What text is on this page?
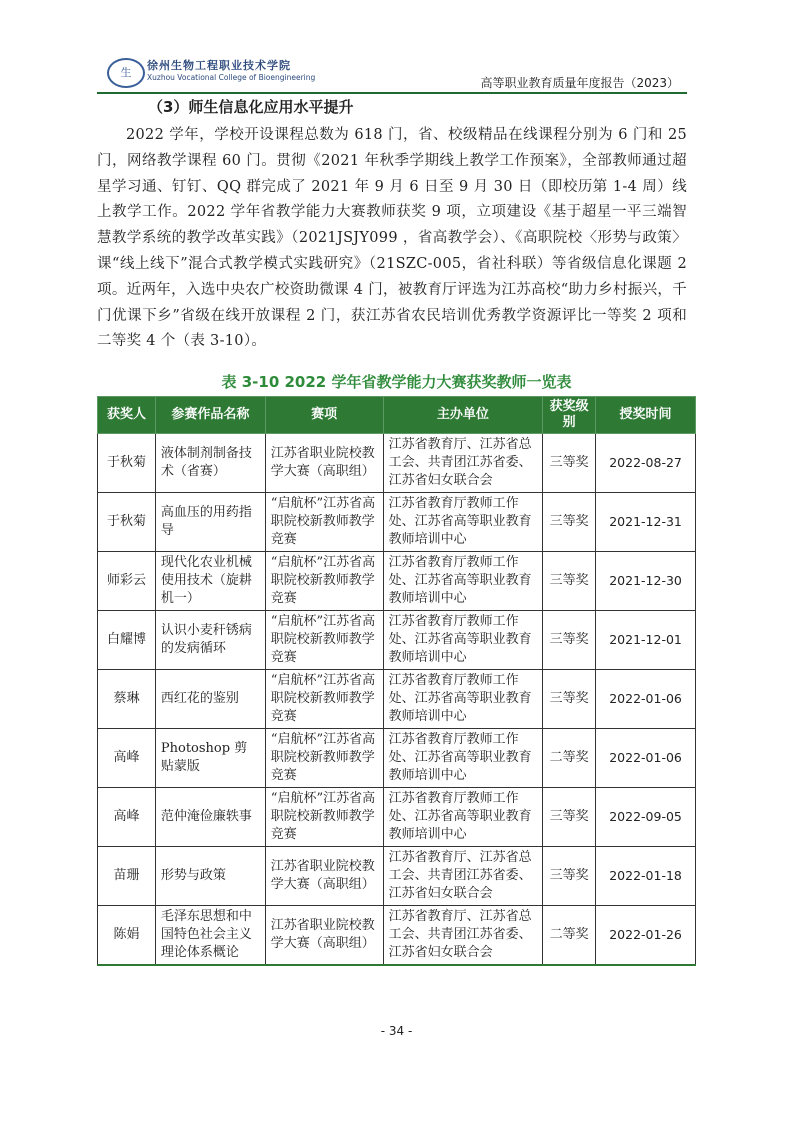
生
徐州生物工程职业技术学院
Xuzhou Vocational College of Bioengineering	高等职业教育质量年度报告（2023）
（3）师生信息化应用水平提升
2022 学年，学校开设课程总数为 618 门，省、校级精品在线课程分别为 6 门和 25 门，网络教学课程 60 门。贯彻《2021 年秋季学期线上教学工作预案》，全部教师通过超星学习通、钉钉、QQ 群完成了 2021 年 9 月 6 日至 9 月 30 日（即校历第 1-4 周）线上教学工作。2022 学年省教学能力大赛教师获奖 9 项，立项建设《基于超星一平三端智慧教学系统的教学改革实践》（2021JSJY099 ，省高教学会）、《高职院校〈形势与政策〉课“线上线下”混合式教学模式实践研究》（21SZC-005，省社科联）等省级信息化课题 2 项。近两年，入选中央农广校资助微课 4 门，被教育厅评选为江苏高校“助力乡村振兴，千门优课下乡”省级在线开放课程 2 门，获江苏省农民培训优秀教学资源评比一等奖 2 项和二等奖 4 个（表 3-10）。
表 3-10 2022 学年省教学能力大赛获奖教师一览表
获奖人	参赛作品名称	赛项	主办单位	获奖级别	授奖时间
于秋菊	液体制剂制备技术（省赛）	江苏省职业院校教学大赛（高职组）	江苏省教育厅、江苏省总工会、共青团江苏省委、江苏省妇女联合会	三等奖	2022-08-27
于秋菊	高血压的用药指导	“启航杯”江苏省高职院校新教师教学竞赛	江苏省教育厅教师工作处、江苏省高等职业教育教师培训中心	三等奖	2021-12-31
师彩云	现代化农业机械使用技术（旋耕机一）	“启航杯”江苏省高职院校新教师教学竞赛	江苏省教育厅教师工作处、江苏省高等职业教育教师培训中心	三等奖	2021-12-30
白耀博	认识小麦秆锈病的发病循环	“启航杯”江苏省高职院校新教师教学竞赛	江苏省教育厅教师工作处、江苏省高等职业教育教师培训中心	三等奖	2021-12-01
蔡琳	西红花的鉴别	“启航杯”江苏省高职院校新教师教学竞赛	江苏省教育厅教师工作处、江苏省高等职业教育教师培训中心	三等奖	2022-01-06
高峰	Photoshop 剪贴蒙版	“启航杯”江苏省高职院校新教师教学竞赛	江苏省教育厅教师工作处、江苏省高等职业教育教师培训中心	二等奖	2022-01-06
高峰	范仲淹俭廉轶事	“启航杯”江苏省高职院校新教师教学竞赛	江苏省教育厅教师工作处、江苏省高等职业教育教师培训中心	三等奖	2022-09-05
苗珊	形势与政策	江苏省职业院校教学大赛（高职组）	江苏省教育厅、江苏省总工会、共青团江苏省委、江苏省妇女联合会	三等奖	2022-01-18
陈娟	毛泽东思想和中国特色社会主义理论体系概论	江苏省职业院校教学大赛（高职组）	江苏省教育厅、江苏省总工会、共青团江苏省委、江苏省妇女联合会	二等奖	2022-01-26
- 34 -
